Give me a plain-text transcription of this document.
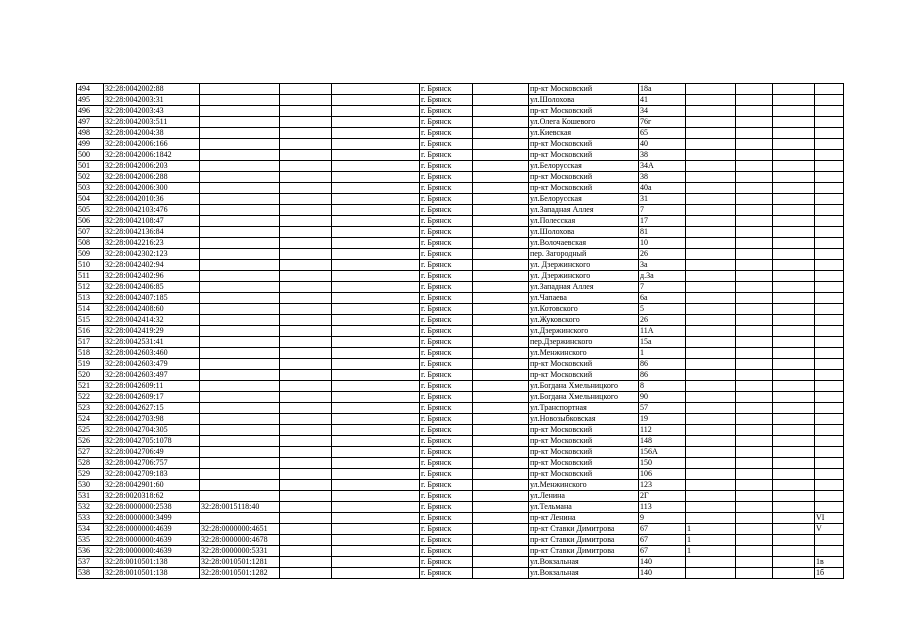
494	32:28:0042002:88				г. Брянск		пр-кт Московский	18а				
495	32:28:0042003:31				г. Брянск		ул.Шолохова	41				
496	32:28:0042003:43				г. Брянск		пр-кт Московский	34				
497	32:28:0042003:511				г. Брянск		ул.Олега Кошевого	76г				
498	32:28:0042004:38				г. Брянск		ул.Киевская	65				
499	32:28:0042006:166				г. Брянск		пр-кт Московский	40				
500	32:28:0042006:1842				г. Брянск		пр-кт Московский	38				
501	32:28:0042006:203				г. Брянск		ул.Белорусская	34А				
502	32:28:0042006:288				г. Брянск		пр-кт Московский	38				
503	32:28:0042006:300				г. Брянск		пр-кт Московский	40а				
504	32:28:0042010:36				г. Брянск		ул.Белорусская	31				
505	32:28:0042103:476				г. Брянск		ул.Западная Аллея	7				
506	32:28:0042108:47				г. Брянск		ул.Полесская	17				
507	32:28:0042136:84				г. Брянск		ул.Шолохова	81				
508	32:28:0042216:23				г. Брянск		ул.Волочаевская	10				
509	32:28:0042302:123				г. Брянск		пер. Загородный	26				
510	32:28:0042402:94				г. Брянск		ул. Дзержинского	3а				
511	32:28:0042402:96				г. Брянск		ул. Дзержинского	д.3а				
512	32:28:0042406:85				г. Брянск		ул.Западная Аллея	7				
513	32:28:0042407:185				г. Брянск		ул.Чапаева	6а				
514	32:28:0042408:60				г. Брянск		ул.Котовского	5				
515	32:28:0042414:32				г. Брянск		ул.Жуковского	26				
516	32:28:0042419:29				г. Брянск		ул.Дзержинского	11А				
517	32:28:0042531:41				г. Брянск		пер.Дзержинского	15а				
518	32:28:0042603:460				г. Брянск		ул.Менжинского	1				
519	32:28:0042603:479				г. Брянск		пр-кт Московский	86				
520	32:28:0042603:497				г. Брянск		пр-кт Московский	86				
521	32:28:0042609:11				г. Брянск		ул.Богдана Хмельницкого	8				
522	32:28:0042609:17				г. Брянск		ул.Богдана Хмельницкого	90				
523	32:28:0042627:15				г. Брянск		ул.Транспортная	57				
524	32:28:0042703:98				г. Брянск		ул.Новозыбковская	19				
525	32:28:0042704:305				г. Брянск		пр-кт Московский	112				
526	32:28:0042705:1078				г. Брянск		пр-кт Московский	148				
527	32:28:0042706:49				г. Брянск		пр-кт Московский	156А				
528	32:28:0042706:757				г. Брянск		пр-кт Московский	150				
529	32:28:0042709:183				г. Брянск		пр-кт Московский	106				
530	32:28:0042901:60				г. Брянск		ул.Менжинского	123				
531	32:28:0020318:62				г. Брянск		ул.Ленина	2Г				
532	32:28:0000000:2538	32:28:0015118:40			г. Брянск		ул.Тельмана	113				
533	32:28:0000000:3499				г. Брянск		пр-кт Ленина	9				VI
534	32:28:0000000:4639	32:28:0000000:4651			г. Брянск		пр-кт Ставки Димитрова	67	1			V
535	32:28:0000000:4639	32:28:0000000:4678			г. Брянск		пр-кт Ставки Димитрова	67	1			
536	32:28:0000000:4639	32:28:0000000:5331			г. Брянск		пр-кт Ставки Димитрова	67	1			
537	32:28:0010501:138	32:28:0010501:1281			г. Брянск		ул.Вокзальная	140				1в
538	32:28:0010501:138	32:28:0010501:1282			г. Брянск		ул.Вокзальная	140				1б
